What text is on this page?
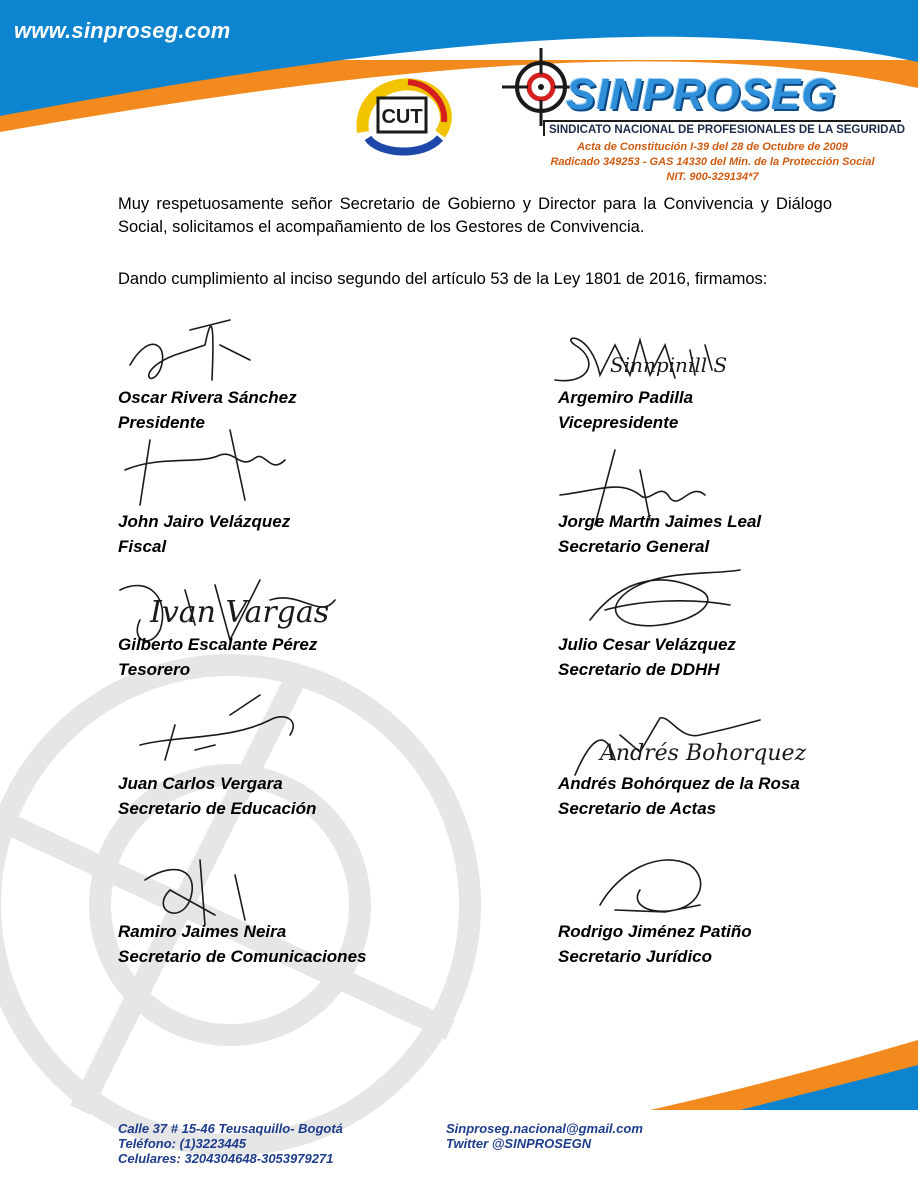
www.sinproseg.com
CUT	SINPROSEG
SINDICATO NACIONAL DE PROFESIONALES DE LA SEGURIDAD
Acta de Constitución I-39 del 28 de Octubre de 2009
Radicado 349253 - GAS 14330 del Min. de la Protección Social
NIT. 900-329134*7
Muy respetuosamente señor Secretario de Gobierno y Director para la Convivencia y Diálogo Social, solicitamos el acompañamiento de los Gestores de Convivencia.
Dando cumplimiento al inciso segundo del artículo 53 de la Ley 1801 de 2016, firmamos:
Sinnpinill S
Ivan Vargas
Andrés Bohorquez
Oscar Rivera Sánchez
Presidente
Argemiro Padilla
Vicepresidente
John Jairo Velázquez
Fiscal
Jorge Martín Jaimes Leal
Secretario General
Gilberto Escalante Pérez
Tesorero
Julio Cesar Velázquez
Secretario de DDHH
Juan Carlos Vergara
Secretario de Educación
Andrés Bohórquez de la Rosa
Secretario de Actas
Ramiro Jaimes Neira
Secretario de Comunicaciones
Rodrigo Jiménez Patiño
Secretario Jurídico
Calle 37 # 15-46 Teusaquillo- Bogotá
Teléfono: (1)3223445
Celulares: 3204304648-3053979271
Sinproseg.nacional@gmail.com
Twitter @SINPROSEGN
